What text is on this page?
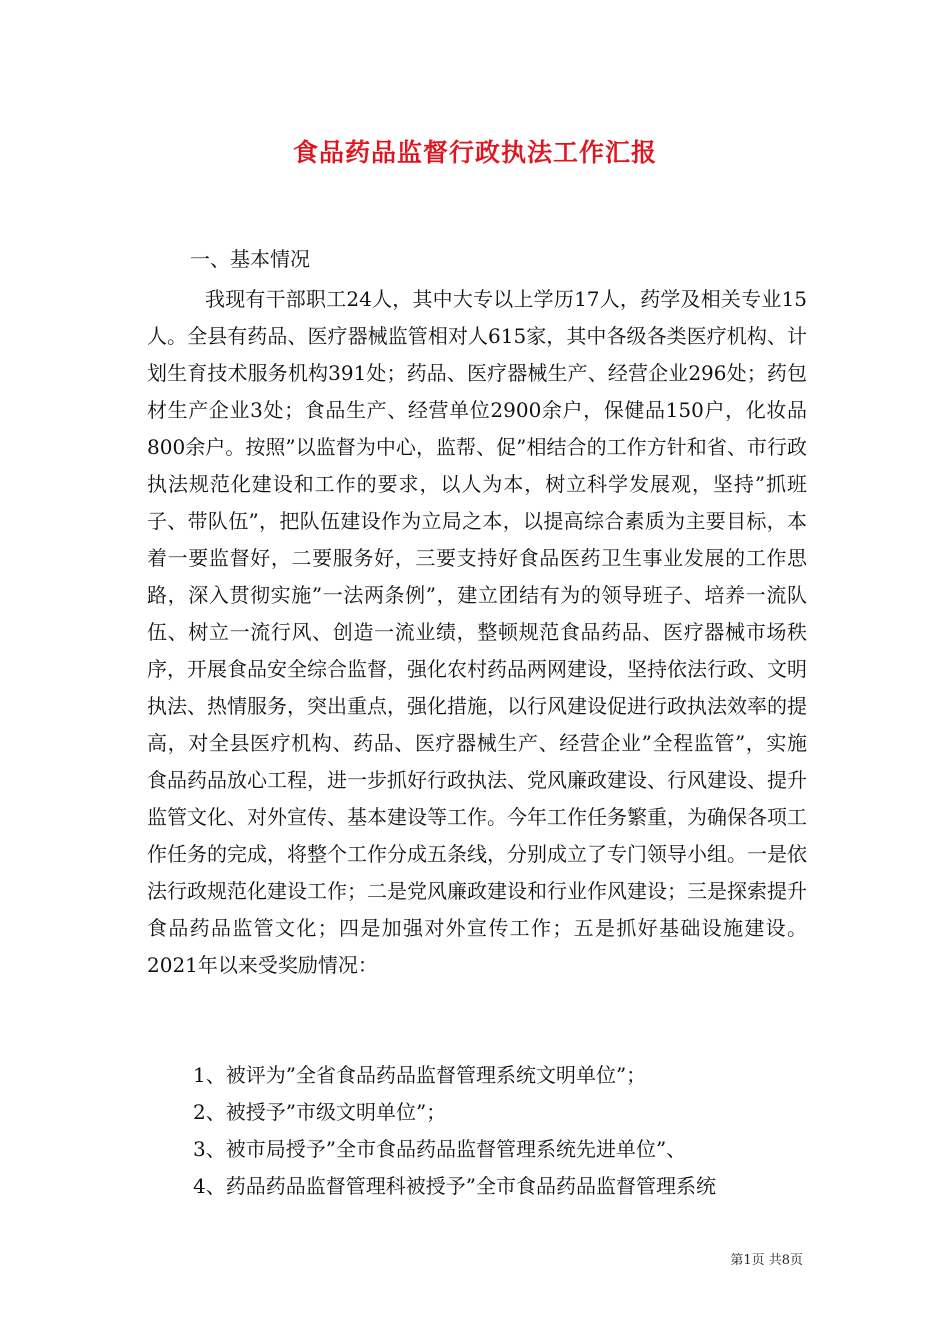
食品药品监督行政执法工作汇报
一、基本情况

我现有干部职工24人，其中大专以上学历17人，药学及相关专业15人。全县有药品、医疗器械监管相对人615家，其中各级各类医疗机构、计划生育技术服务机构391处；药品、医疗器械生产、经营企业296处；药包材生产企业3处；食品生产、经营单位2900余户，保健品150户，化妆品800余户。按照”以监督为中心，监帮、促”相结合的工作方针和省、市行政执法规范化建设和工作的要求，以人为本，树立科学发展观，坚持”抓班子、带队伍”，把队伍建设作为立局之本，以提高综合素质为主要目标，本着一要监督好，二要服务好，三要支持好食品医药卫生事业发展的工作思路，深入贯彻实施”一法两条例”，建立团结有为的领导班子、培养一流队伍、树立一流行风、创造一流业绩，整顿规范食品药品、医疗器械市场秩序，开展食品安全综合监督，强化农村药品两网建设，坚持依法行政、文明执法、热情服务，突出重点，强化措施，以行风建设促进行政执法效率的提高，对全县医疗机构、药品、医疗器械生产、经营企业”全程监管”，实施食品药品放心工程，进一步抓好行政执法、党风廉政建设、行风建设、提升监管文化、对外宣传、基本建设等工作。今年工作任务繁重，为确保各项工作任务的完成，将整个工作分成五条线，分别成立了专门领导小组。一是依法行政规范化建设工作；二是党风廉政建设和行业作风建设；三是探索提升食品药品监管文化；四是加强对外宣传工作；五是抓好基础设施建设。2021年以来受奖励情况：

1、被评为”全省食品药品监督管理系统文明单位”；
2、被授予”市级文明单位”；
3、被市局授予”全市食品药品监督管理系统先进单位”、
4、药品药品监督管理科被授予”全市食品药品监督管理系统
第1页 共8页
